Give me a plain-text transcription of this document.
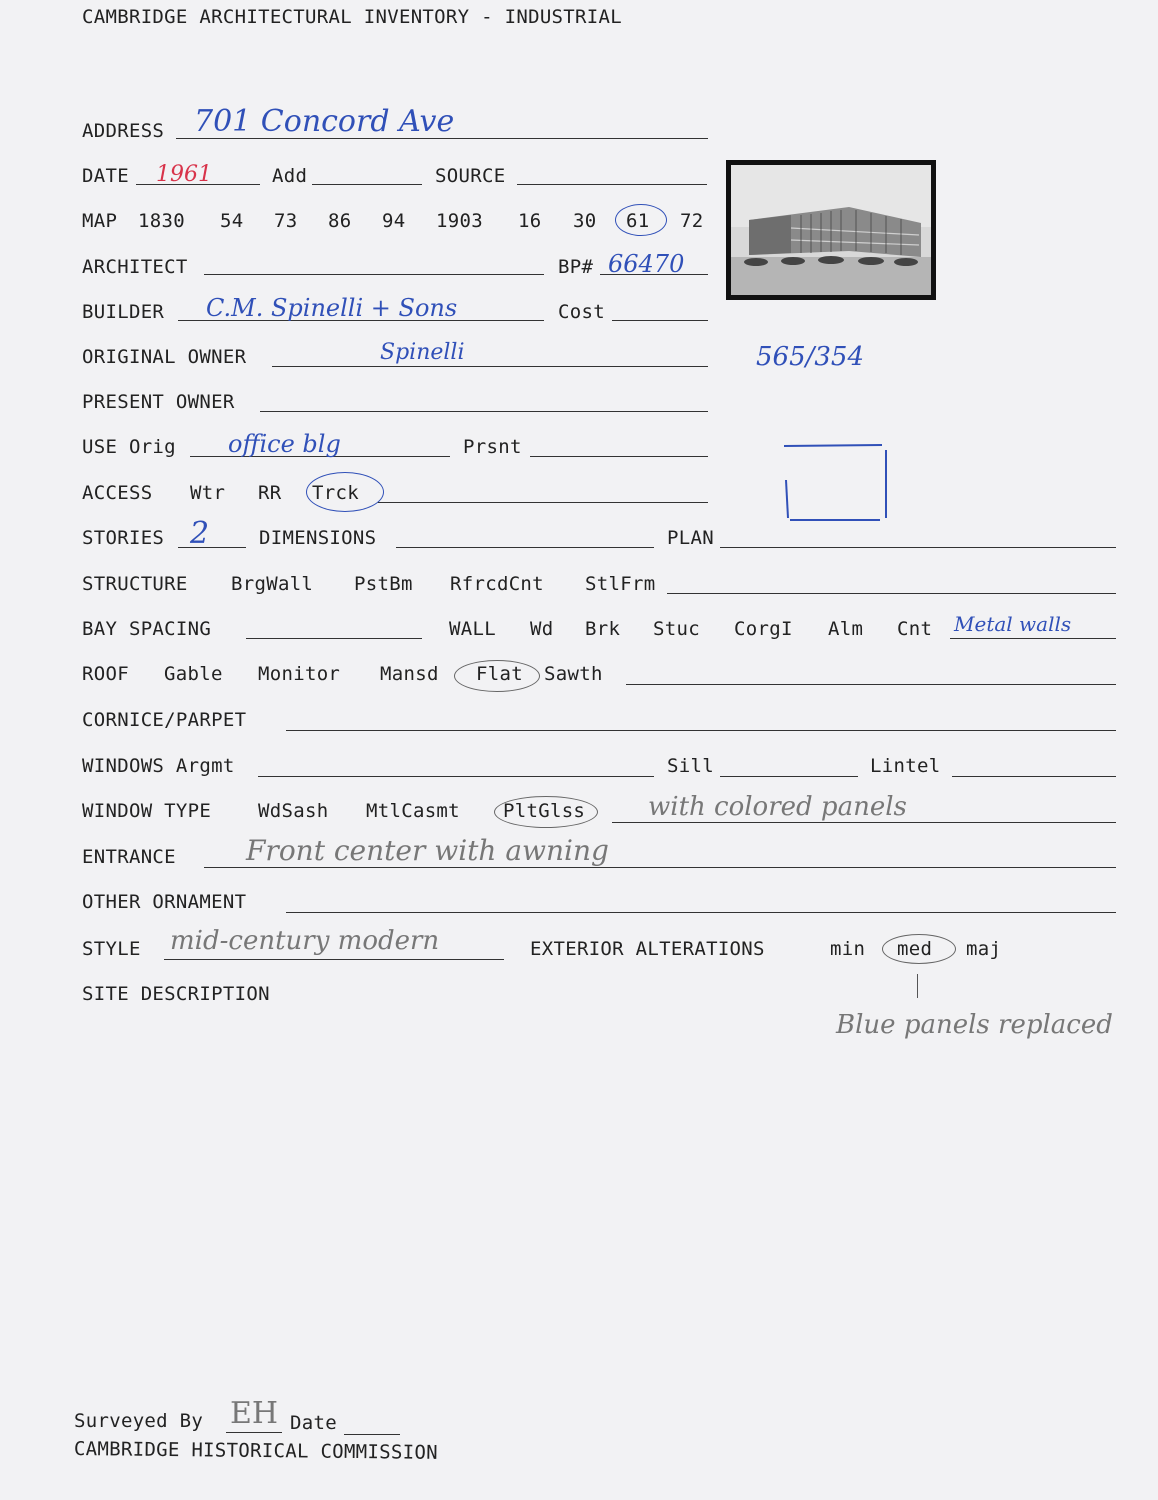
CAMBRIDGE ARCHITECTURAL INVENTORY - INDUSTRIAL
ADDRESS 701 Concord Ave
DATE 1961	Add	SOURCE
MAP 1830 54 73 86 94 1903 16 30 61 72
ARCHITECT	BP# 66470
BUILDER C.M. Spinelli + Sons	Cost
ORIGINAL OWNER	Spinelli	565/354
PRESENT OWNER
USE Orig office blg	Prsnt
ACCESS Wtr RR Trck
STORIES 2	DIMENSIONS	PLAN
STRUCTURE BrgWall PstBm RfrcdCnt StlFrm
BAY SPACING	WALL Wd Brk Stuc CorgI Alm Cnt Metal walls
ROOF Gable Monitor Mansd Flat Sawth
CORNICE/PARPET
WINDOWS Argmt	Sill	Lintel
WINDOW TYPE WdSash MtlCasmt PltGlss with colored panels
ENTRANCE	Front center with awning
OTHER ORNAMENT
STYLE mid-century modern	EXTERIOR ALTERATIONS	min med maj
SITE DESCRIPTION
Blue panels replaced
Surveyed By EH Date
CAMBRIDGE HISTORICAL COMMISSION
